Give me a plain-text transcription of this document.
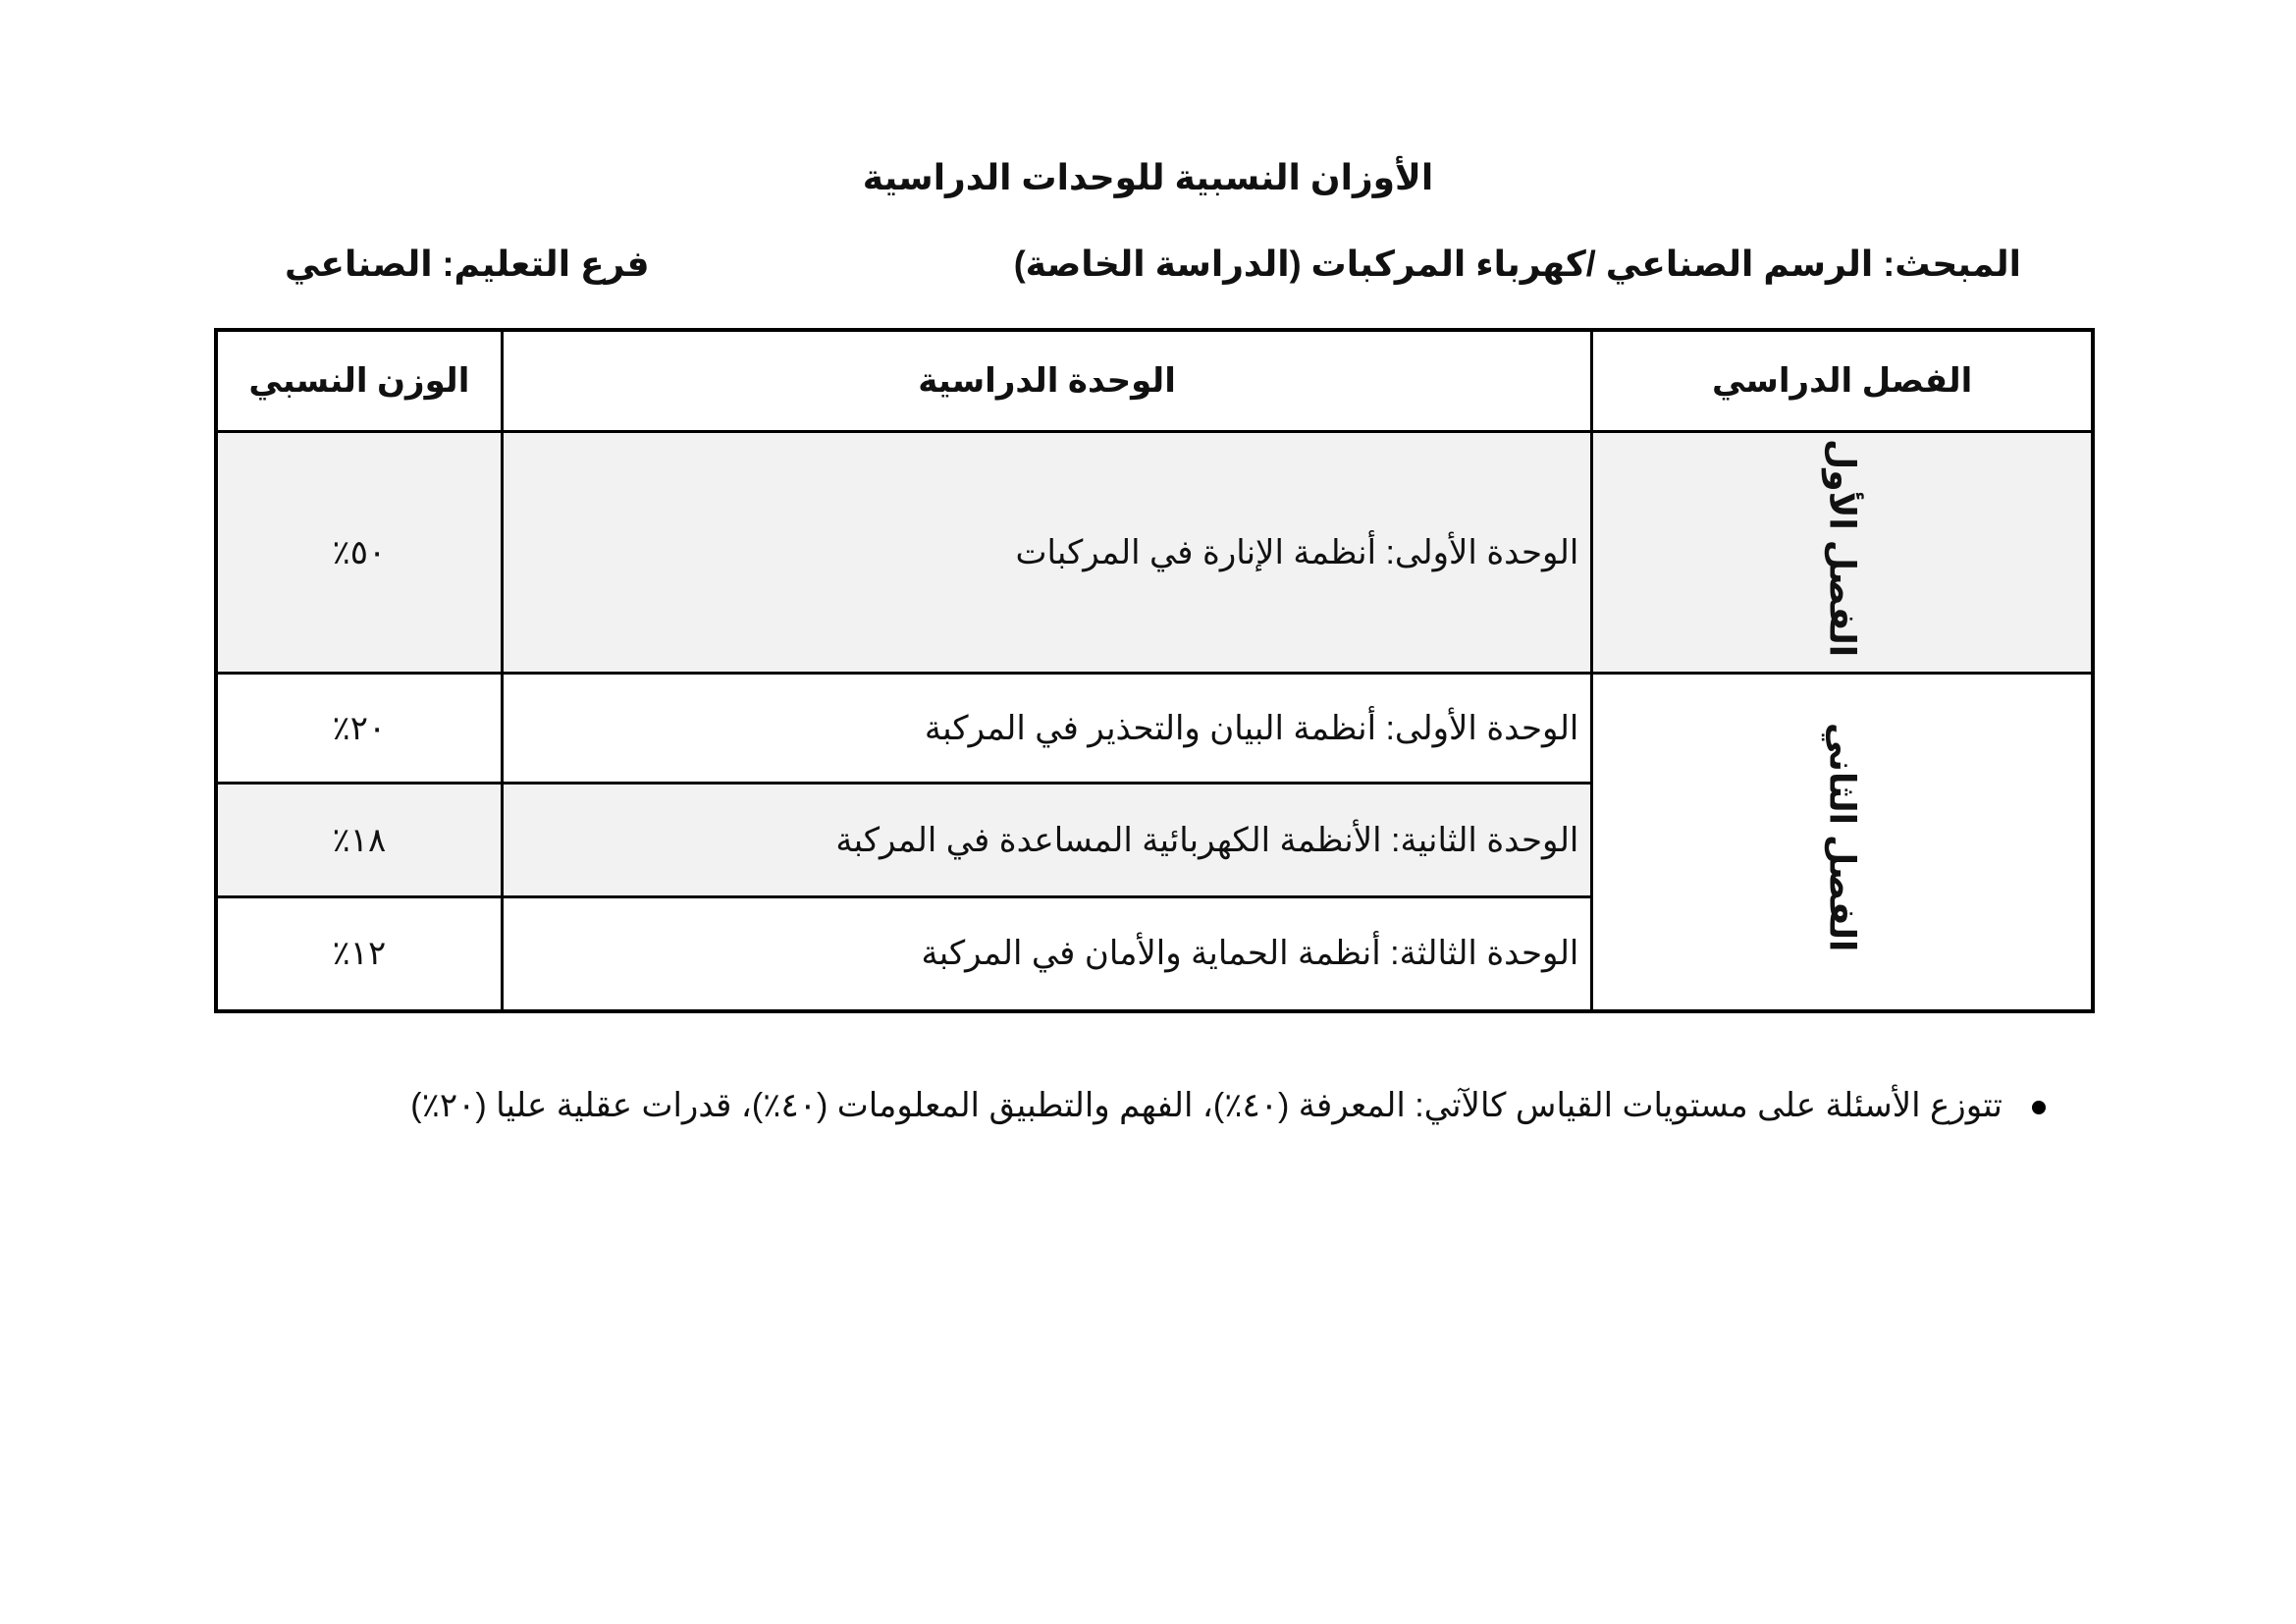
الأوزان النسبية للوحدات الدراسية
المبحث: الرسم الصناعي /كهرباء المركبات (الدراسة الخاصة)
فرع التعليم: الصناعي
الفصل الدراسي	الوحدة الدراسية	الوزن النسبي
الفصل الأول	الوحدة الأولى: أنظمة الإنارة في المركبات	٥٠٪
الفصل الثاني	الوحدة الأولى: أنظمة البيان والتحذير في المركبة	٢٠٪
	الوحدة الثانية: الأنظمة الكهربائية المساعدة في المركبة	١٨٪
	الوحدة الثالثة: أنظمة الحماية والأمان في المركبة	١٢٪
تتوزع الأسئلة على مستويات القياس كالآتي: المعرفة (٤٠٪)، الفهم والتطبيق المعلومات (٤٠٪)، قدرات عقلية عليا (٢٠٪)
